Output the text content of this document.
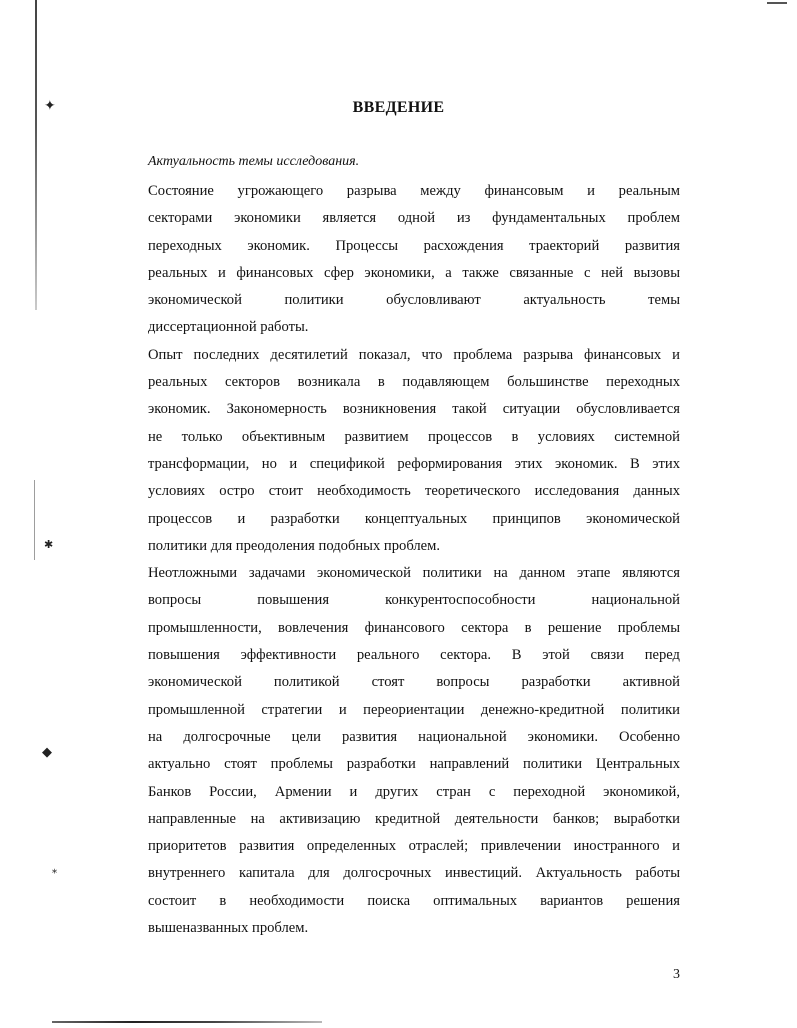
✦
✱
◆
⁎
ВВЕДЕНИЕ
Актуальность темы исследования.
Состояние угрожающего разрыва между финансовым и реальным
секторами экономики является одной из фундаментальных проблем
переходных экономик. Процессы расхождения траекторий развития
реальных и финансовых сфер экономики, а также связанные с ней вызовы
экономической политики обусловливают актуальность темы
диссертационной работы.
Опыт последних десятилетий показал, что проблема разрыва финансовых и
реальных секторов возникала в подавляющем большинстве переходных
экономик. Закономерность возникновения такой ситуации обусловливается
не только объективным развитием процессов в условиях системной
трансформации, но и спецификой реформирования этих экономик. В этих
условиях остро стоит необходимость теоретического исследования данных
процессов и разработки концептуальных принципов экономической
политики для преодоления подобных проблем.
Неотложными задачами экономической политики на данном этапе являются
вопросы повышения конкурентоспособности национальной
промышленности, вовлечения финансового сектора в решение проблемы
повышения эффективности реального сектора. В этой связи перед
экономической политикой стоят вопросы разработки активной
промышленной стратегии и переориентации денежно-кредитной политики
на долгосрочные цели развития национальной экономики. Особенно
актуально стоят проблемы разработки направлений политики Центральных
Банков России, Армении и других стран с переходной экономикой,
направленные на активизацию кредитной деятельности банков; выработки
приоритетов развития определенных отраслей; привлечении иностранного и
внутреннего капитала для долгосрочных инвестиций. Актуальность работы
состоит в необходимости поиска оптимальных вариантов решения
вышеназванных проблем.
3
